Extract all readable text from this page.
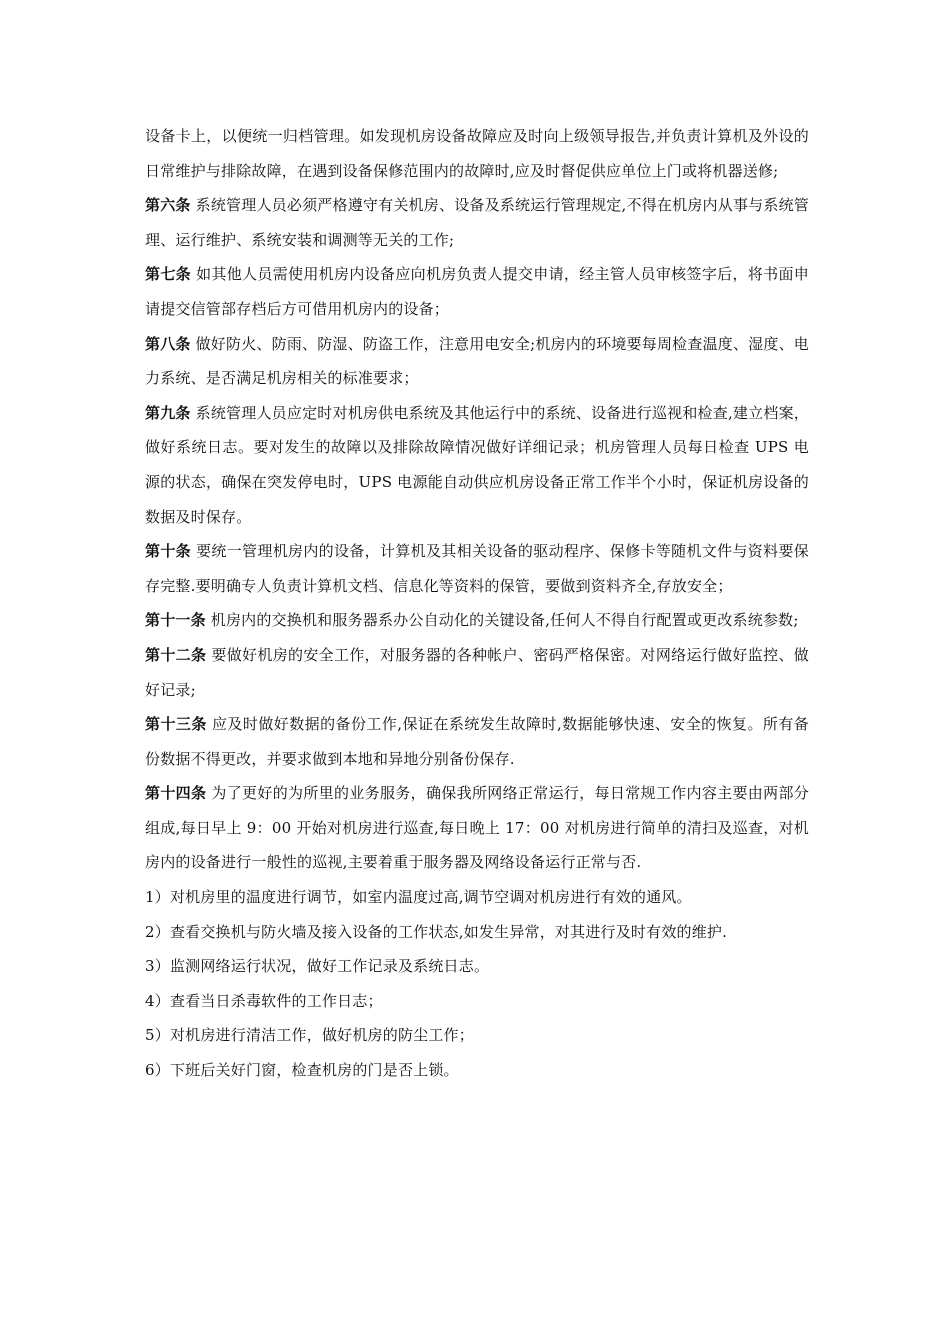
设备卡上，以便统一归档管理。如发现机房设备故障应及时向上级领导报告,并负责计算机及外设的日常维护与排除故障，在遇到设备保修范围内的故障时,应及时督促供应单位上门或将机器送修;

第六条 系统管理人员必须严格遵守有关机房、设备及系统运行管理规定,不得在机房内从事与系统管理、运行维护、系统安装和调测等无关的工作;

第七条 如其他人员需使用机房内设备应向机房负责人提交申请，经主管人员审核签字后，将书面申请提交信管部存档后方可借用机房内的设备；

第八条 做好防火、防雨、防湿、防盗工作，注意用电安全;机房内的环境要每周检查温度、湿度、电力系统、是否满足机房相关的标准要求；

第九条 系统管理人员应定时对机房供电系统及其他运行中的系统、设备进行巡视和检查,建立档案，做好系统日志。要对发生的故障以及排除故障情况做好详细记录；机房管理人员每日检查 UPS 电源的状态，确保在突发停电时，UPS 电源能自动供应机房设备正常工作半个小时，保证机房设备的数据及时保存。

第十条 要统一管理机房内的设备，计算机及其相关设备的驱动程序、保修卡等随机文件与资料要保存完整.要明确专人负责计算机文档、信息化等资料的保管，要做到资料齐全,存放安全；

第十一条 机房内的交换机和服务器系办公自动化的关键设备,任何人不得自行配置或更改系统参数;

第十二条 要做好机房的安全工作，对服务器的各种帐户、密码严格保密。对网络运行做好监控、做好记录;

第十三条 应及时做好数据的备份工作,保证在系统发生故障时,数据能够快速、安全的恢复。所有备份数据不得更改，并要求做到本地和异地分别备份保存.

第十四条 为了更好的为所里的业务服务，确保我所网络正常运行，每日常规工作内容主要由两部分组成,每日早上 9：00 开始对机房进行巡查,每日晚上 17：00 对机房进行简单的清扫及巡查，对机房内的设备进行一般性的巡视,主要着重于服务器及网络设备运行正常与否.

1）对机房里的温度进行调节，如室内温度过高,调节空调对机房进行有效的通风。

2）查看交换机与防火墙及接入设备的工作状态,如发生异常，对其进行及时有效的维护.

3）监测网络运行状况，做好工作记录及系统日志。

4）查看当日杀毒软件的工作日志；

5）对机房进行清洁工作，做好机房的防尘工作；

6）下班后关好门窗，检查机房的门是否上锁。
